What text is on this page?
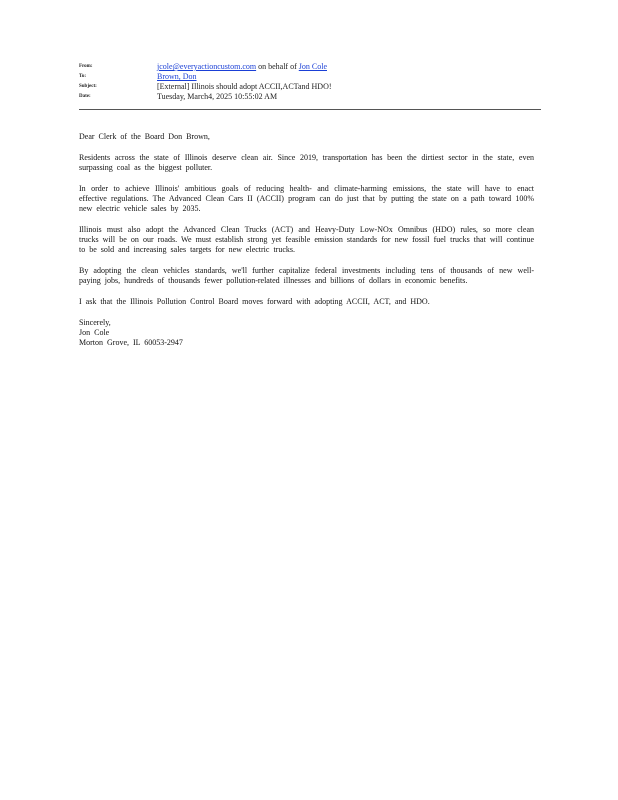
From:	jcole@everyactioncustom.com on behalf of Jon Cole
To:	Brown, Don
Subject:	[External] Illinois should adopt ACCII,ACTand HDO!
Date:	Tuesday, March4, 2025 10:55:02 AM

Dear Clerk of the Board Don Brown,

Residents across the state of Illinois deserve clean air. Since 2019, transportation has been the dirtiest sector in the state, even surpassing coal as the biggest polluter.

In order to achieve Illinois' ambitious goals of reducing health- and climate-harming emissions, the state will have to enact effective regulations. The Advanced Clean Cars II (ACCII) program can do just that by putting the state on a path toward 100% new electric vehicle sales by 2035.

Illinois must also adopt the Advanced Clean Trucks (ACT) and Heavy-Duty Low-NOx Omnibus (HDO) rules, so more clean trucks will be on our roads. We must establish strong yet feasible emission standards for new fossil fuel trucks that will continue to be sold and increasing sales targets for new electric trucks.

By adopting the clean vehicles standards, we'll further capitalize federal investments including tens of thousands of new well-paying jobs, hundreds of thousands fewer pollution-related illnesses and billions of dollars in economic benefits.

I ask that the Illinois Pollution Control Board moves forward with adopting ACCII, ACT, and HDO.

Sincerely,

Jon Cole

Morton Grove, IL 60053-2947
